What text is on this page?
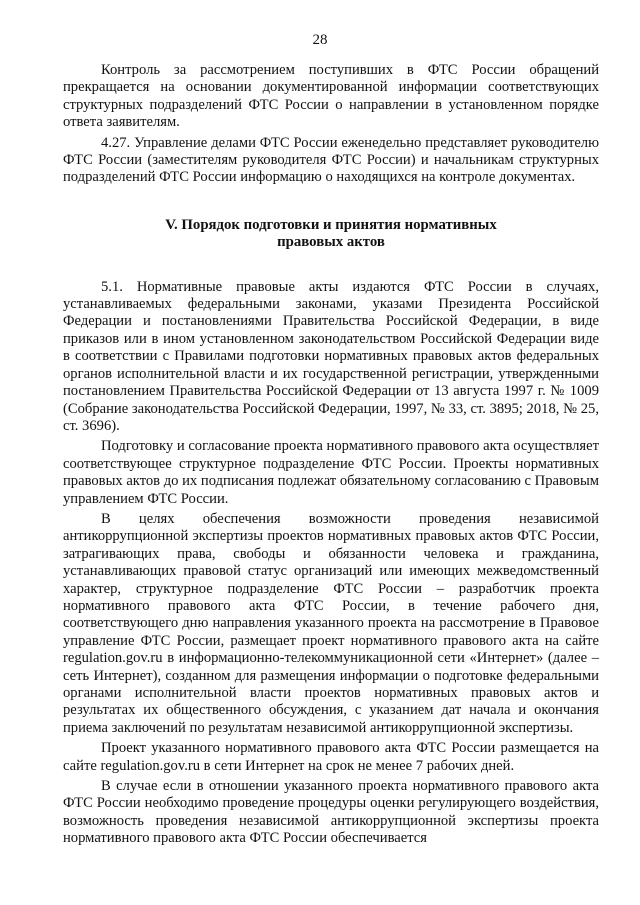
28

Контроль за рассмотрением поступивших в ФТС России обращений прекращается на основании документированной информации соответствующих структурных подразделений ФТС России о направлении в установленном порядке ответа заявителям.

4.27. Управление делами ФТС России еженедельно представляет руководителю ФТС России (заместителям руководителя ФТС России) и начальникам структурных подразделений ФТС России информацию о находящихся на контроле документах.

V. Порядок подготовки и принятия нормативных
правовых актов

5.1. Нормативные правовые акты издаются ФТС России в случаях, устанавливаемых федеральными законами, указами Президента Российской Федерации и постановлениями Правительства Российской Федерации, в виде приказов или в ином установленном законодательством Российской Федерации виде в соответствии с Правилами подготовки нормативных правовых актов федеральных органов исполнительной власти и их государственной регистрации, утвержденными постановлением Правительства Российской Федерации от 13 августа 1997 г. № 1009 (Собрание законодательства Российской Федерации, 1997, № 33, ст. 3895; 2018, № 25, ст. 3696).

Подготовку и согласование проекта нормативного правового акта осуществляет соответствующее структурное подразделение ФТС России. Проекты нормативных правовых актов до их подписания подлежат обязательному согласованию с Правовым управлением ФТС России.

В целях обеспечения возможности проведения независимой антикоррупционной экспертизы проектов нормативных правовых актов ФТС России, затрагивающих права, свободы и обязанности человека и гражданина, устанавливающих правовой статус организаций или имеющих межведомственный характер, структурное подразделение ФТС России – разработчик проекта нормативного правового акта ФТС России, в течение рабочего дня, соответствующего дню направления указанного проекта на рассмотрение в Правовое управление ФТС России, размещает проект нормативного правового акта на сайте regulation.gov.ru в информационно-телекоммуникационной сети «Интернет» (далее – сеть Интернет), созданном для размещения информации о подготовке федеральными органами исполнительной власти проектов нормативных правовых актов и результатах их общественного обсуждения, с указанием дат начала и окончания приема заключений по результатам независимой антикоррупционной экспертизы.

Проект указанного нормативного правового акта ФТС России размещается на сайте regulation.gov.ru в сети Интернет на срок не менее 7 рабочих дней.

В случае если в отношении указанного проекта нормативного правового акта ФТС России необходимо проведение процедуры оценки регулирующего воздействия, возможность проведения независимой антикоррупционной экспертизы проекта нормативного правового акта ФТС России обеспечивается
